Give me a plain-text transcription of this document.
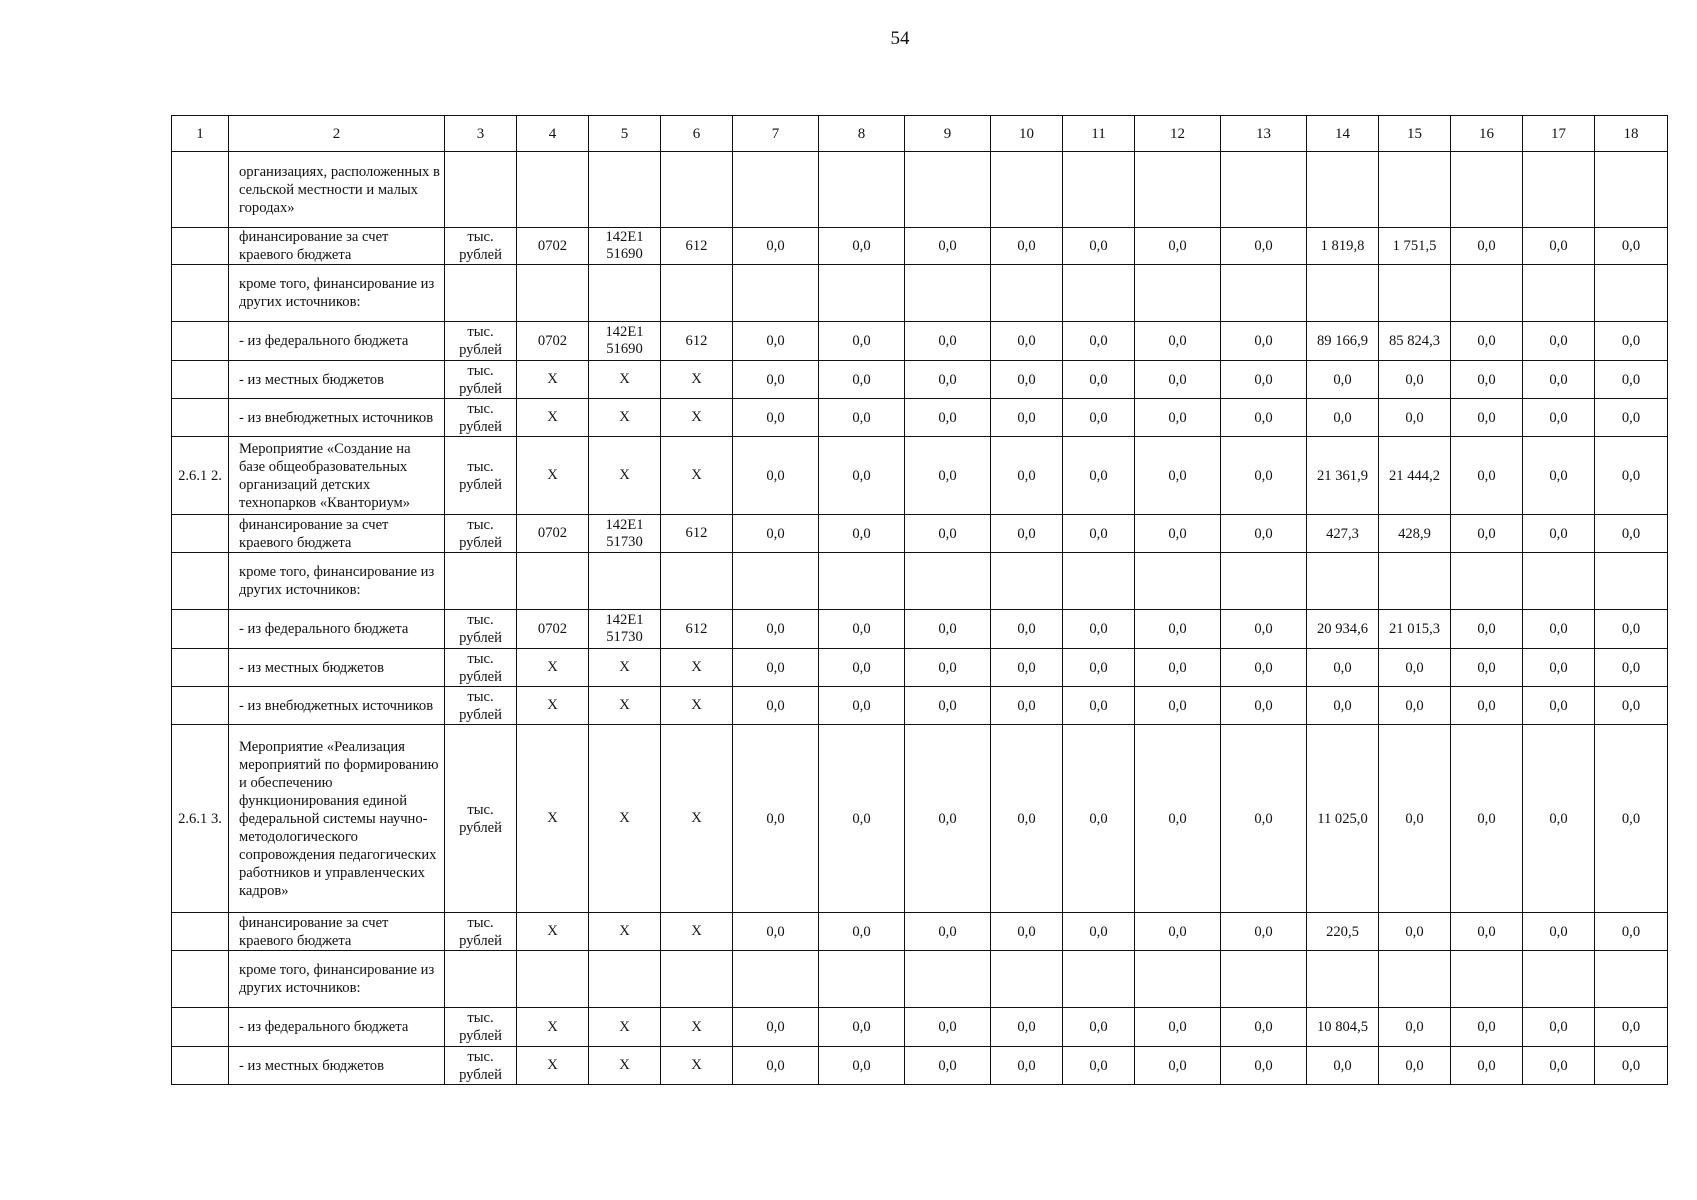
54
1	2	3	4	5	6	7	8	9	10	11	12	13	14	15	16	17	18
	организациях, расположенных в сельской местности и малых городах»																
	финансирование за счет краевого бюджета	тыс. рублей	0702	142E1 51690	612	0,0	0,0	0,0	0,0	0,0	0,0	0,0	1 819,8	1 751,5	0,0	0,0	0,0
	кроме того, финансирование из других источников:																
	- из федерального бюджета	тыс. рублей	0702	142E1 51690	612	0,0	0,0	0,0	0,0	0,0	0,0	0,0	89 166,9	85 824,3	0,0	0,0	0,0
	- из местных бюджетов	тыс. рублей	X	X	X	0,0	0,0	0,0	0,0	0,0	0,0	0,0	0,0	0,0	0,0	0,0	0,0
	- из внебюджетных источников	тыс. рублей	X	X	X	0,0	0,0	0,0	0,0	0,0	0,0	0,0	0,0	0,0	0,0	0,0	0,0
2.6.1 2.	Мероприятие «Создание на базе общеобразовательных организаций детских технопарков «Кванториум»	тыс. рублей	X	X	X	0,0	0,0	0,0	0,0	0,0	0,0	0,0	21 361,9	21 444,2	0,0	0,0	0,0
	финансирование за счет краевого бюджета	тыс. рублей	0702	142E1 51730	612	0,0	0,0	0,0	0,0	0,0	0,0	0,0	427,3	428,9	0,0	0,0	0,0
	кроме того, финансирование из других источников:																
	- из федерального бюджета	тыс. рублей	0702	142E1 51730	612	0,0	0,0	0,0	0,0	0,0	0,0	0,0	20 934,6	21 015,3	0,0	0,0	0,0
	- из местных бюджетов	тыс. рублей	X	X	X	0,0	0,0	0,0	0,0	0,0	0,0	0,0	0,0	0,0	0,0	0,0	0,0
	- из внебюджетных источников	тыс. рублей	X	X	X	0,0	0,0	0,0	0,0	0,0	0,0	0,0	0,0	0,0	0,0	0,0	0,0
2.6.1 3.	Мероприятие «Реализация мероприятий по формированию и обеспечению функционирования единой федеральной системы научно-методологического сопровождения педагогических работников и управленческих кадров»	тыс. рублей	X	X	X	0,0	0,0	0,0	0,0	0,0	0,0	0,0	11 025,0	0,0	0,0	0,0	0,0
	финансирование за счет краевого бюджета	тыс. рублей	X	X	X	0,0	0,0	0,0	0,0	0,0	0,0	0,0	220,5	0,0	0,0	0,0	0,0
	кроме того, финансирование из других источников:																
	- из федерального бюджета	тыс. рублей	X	X	X	0,0	0,0	0,0	0,0	0,0	0,0	0,0	10 804,5	0,0	0,0	0,0	0,0
	- из местных бюджетов	тыс. рублей	X	X	X	0,0	0,0	0,0	0,0	0,0	0,0	0,0	0,0	0,0	0,0	0,0	0,0
